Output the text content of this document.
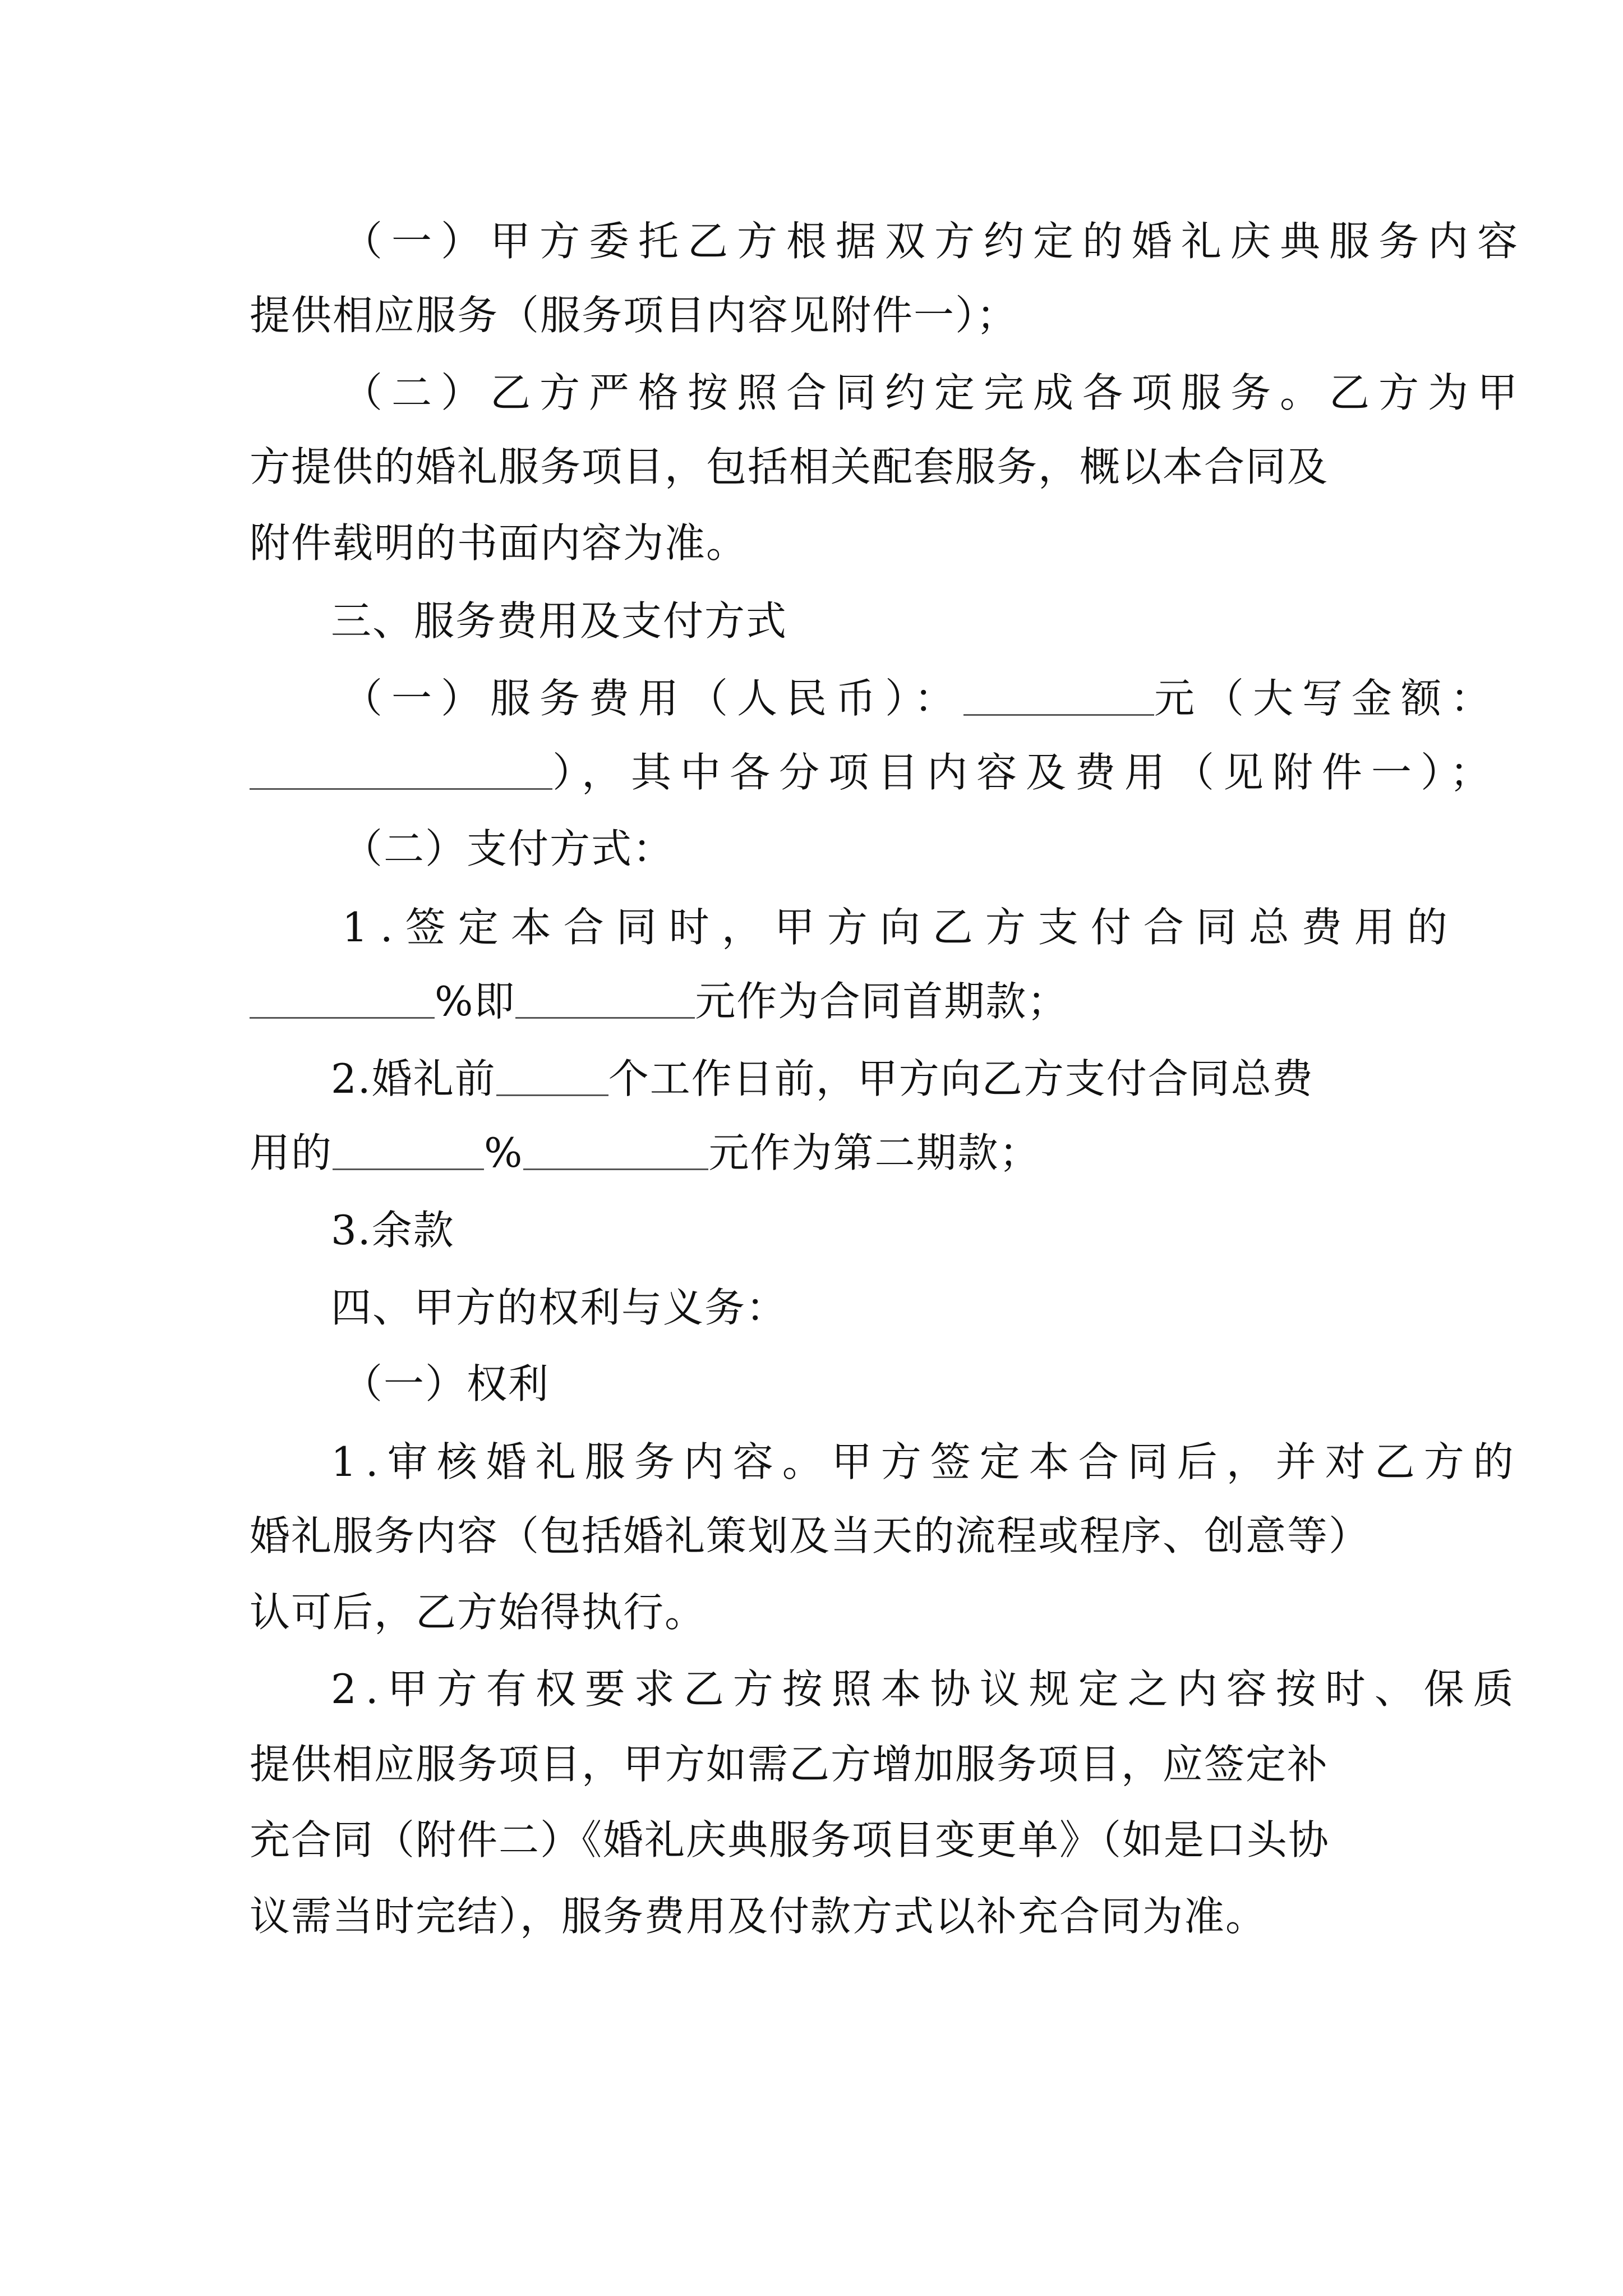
（一）甲方委托乙方根据双方约定的婚礼庆典服务内容
提供相应服务（服务项目内容见附件一）；
（二）乙方严格按照合同约定完成各项服务。乙方为甲
方提供的婚礼服务项目，包括相关配套服务，概以本合同及
附件载明的书面内容为准。
三、服务费用及支付方式
（一）服务费用（人民币）：	元（大写金额：
），其中各分项目内容及费用（见附件一）；
（二）支付方式：
1.签定本合同时，甲方向乙方支付合同总费用的
%即	元作为合同首期款；
2.婚礼前	个工作日前，甲方向乙方支付合同总费
用的	%	元作为第二期款；
3.余款
四、甲方的权利与义务：
（一）权利
1.审核婚礼服务内容。甲方签定本合同后，并对乙方的
婚礼服务内容（包括婚礼策划及当天的流程或程序、创意等）
认可后，乙方始得执行。
2.甲方有权要求乙方按照本协议规定之内容按时、保质
提供相应服务项目，甲方如需乙方增加服务项目，应签定补
充合同（附件二）《婚礼庆典服务项目变更单》（如是口头协
议需当时完结），服务费用及付款方式以补充合同为准。
